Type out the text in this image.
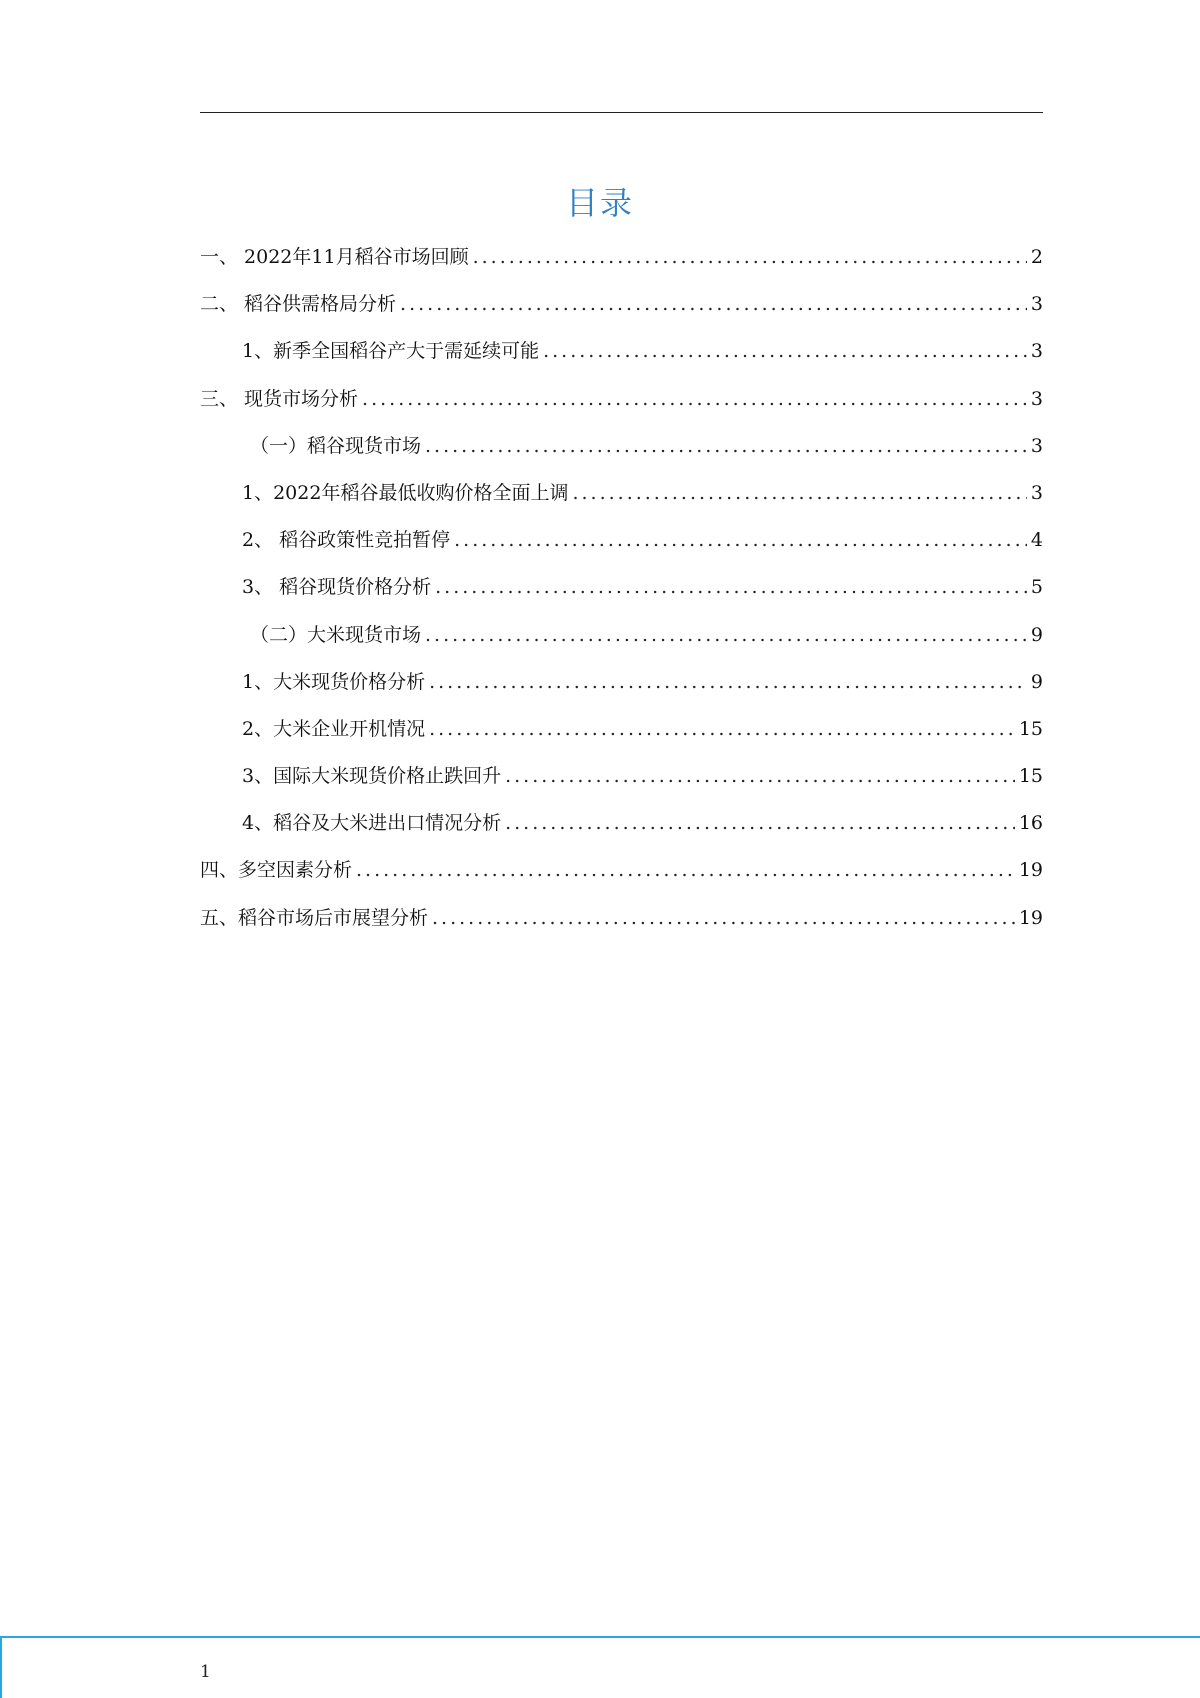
目录
一、 2022年11月稻谷市场回顾 .....	2
二、 稻谷供需格局分析 .....	3
1、新季全国稻谷产大于需延续可能 .....	3
三、 现货市场分析 .....	3
（一）稻谷现货市场 .....	3
1、2022年稻谷最低收购价格全面上调 .....	3
2、 稻谷政策性竞拍暂停 .....	4
3、 稻谷现货价格分析 .....	5
（二）大米现货市场 .....	9
1、大米现货价格分析 .....	9
2、大米企业开机情况 .....	15
3、国际大米现货价格止跌回升 .....	15
4、稻谷及大米进出口情况分析 .....	16
四、多空因素分析 .....	19
五、稻谷市场后市展望分析 .....	19
1
